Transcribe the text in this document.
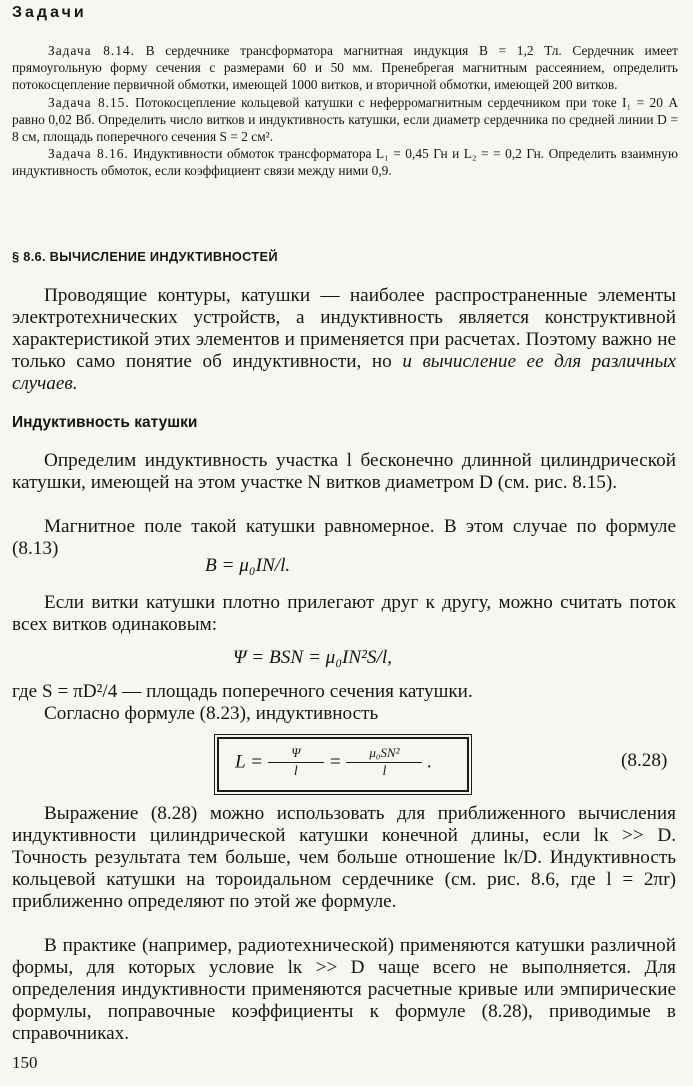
Задачи

Задача 8.14. В сердечнике трансформатора магнитная индукция B = 1,2 Тл. Сердечник имеет прямоугольную форму сечения с размерами 60 и 50 мм. Пренебрегая магнитным рассеянием, определить потокосцепление первичной обмотки, имеющей 1000 витков, и вторичной обмотки, имеющей 200 витков.

Задача 8.15. Потокосцепление кольцевой катушки с неферромагнитным сердечником при токе I₁ = 20 А равно 0,02 Вб. Определить число витков и индуктивность катушки, если диаметр сердечника по средней линии D = 8 см, площадь поперечного сечения S = 2 см².

Задача 8.16. Индуктивности обмоток трансформатора L₁ = 0,45 Гн и L₂ = = 0,2 Гн. Определить взаимную индуктивность обмоток, если коэффициент связи между ними 0,9.

§ 8.6. ВЫЧИСЛЕНИЕ ИНДУКТИВНОСТЕЙ

Проводящие контуры, катушки — наиболее распространенные элементы электротехнических устройств, а индуктивность является конструктивной характеристикой этих элементов и применяется при расчетах. Поэтому важно не только само понятие об индуктивности, но и вычисление ее для различных случаев.

Индуктивность катушки

Определим индуктивность участка l бесконечно длинной цилиндрической катушки, имеющей на этом участке N витков диаметром D (см. рис. 8.15).

Магнитное поле такой катушки равномерное. В этом случае по формуле (8.13)

B = μ₀IN/l.

Если витки катушки плотно прилегают друг к другу, можно считать поток всех витков одинаковым:

Ψ = BSN = μ₀IN²S/l,

где S = πD²/4 — площадь поперечного сечения катушки.

Согласно формуле (8.23), индуктивность

$L = \frac{\Psi}{l} = \frac{\text{μ₀SN²}}{l}$ .	(8.28)

Выражение (8.28) можно использовать для приближенного вычисления индуктивности цилиндрической катушки конечной длины, если lк >> D. Точность результата тем больше, чем больше отношение lк/D. Индуктивность кольцевой катушки на тороидальном сердечнике (см. рис. 8.6, где l = 2πr) приближенно определяют по этой же формуле.

В практике (например, радиотехнической) применяются катушки различной формы, для которых условие lк >> D чаще всего не выполняется. Для определения индуктивности применяются расчетные кривые или эмпирические формулы, поправочные коэффициенты к формуле (8.28), приводимые в справочниках.

150
